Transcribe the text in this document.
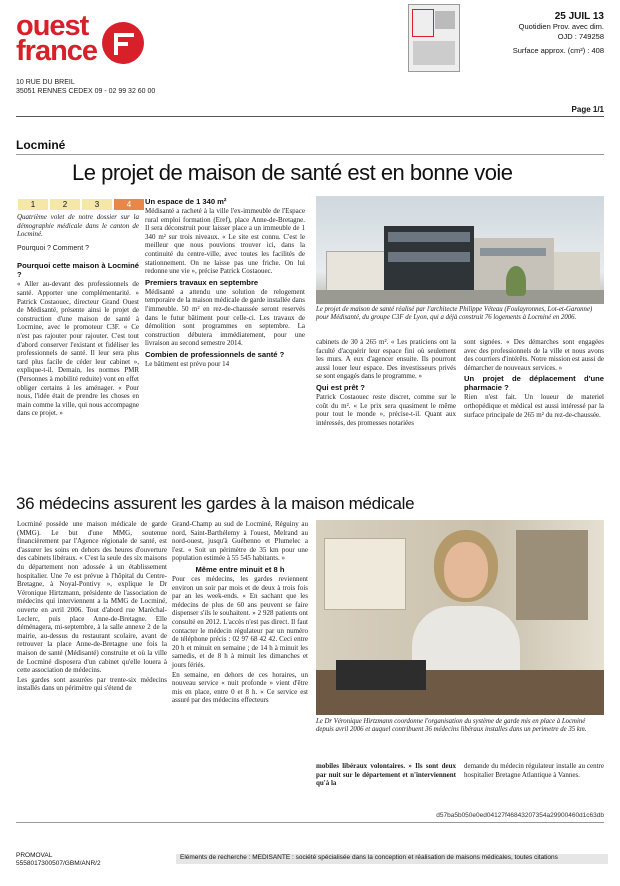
ouest
france
10 RUE DU BREIL
35051 RENNES CEDEX 09 - 02 99 32 60 00
25 JUIL 13
Quotidien Prov. avec dim.
OJD : 749258
Surface approx. (cm²) : 408
Page 1/1
Locminé
Le projet de maison de santé est en bonne voie
1	2	3	4

Quatrième volet de notre dossier sur la démographie médicale dans le canton de Locminé.

Pourquoi ? Comment ?

Pourquoi cette maison à Locminé ?

« Aller au-devant des professionnels de santé. Apporter une complémentarité. » Patrick Costaouec, directeur Grand Ouest de Médisanté, présente ainsi le projet de construction d'une maison de santé à Locmine, avec le promoteur C3F. « Ce n'est pas rajouter pour rajouter. C'est tout d'abord conserver l'existant et fidéliser les professionnels de santé. Il leur sera plus tard plus facile de céder leur cabinet », explique-t-il. Demain, les normes PMR (Personnes à mobilité reduite) vont en effet obliger certains à les aménager. « Pour nous, l'idée était de prendre les choses en main comme la ville, qui nous accompagne dans ce projet. »

Un espace de 1 340 m²

Médisanté a racheté à la ville l'ex-immeuble de l'Espace rural emploi formation (Eref), place Anne-de-Bretagne. Il sera déconstruit pour laisser place a un immeuble de 1 340 m² sur trois niveaux. « Le site est connu. C'est le meilleur que nous pouvions trouver ici, dans la continuité du centre-ville, avec toutes les facilités de stationnement. On ne laisse pas une friche. On lui redonne une vie », précise Patrick Costaouec.

Premiers travaux en septembre

Médisanté a attendu une solution de relogement temporaire de la maison médicale de garde installée dans l'immeuble. 50 m² en rez-de-chaussée seront reservés dans le futur bâtiment pour celle-ci. Les travaux de démolition sont programmes en septembre. La construction débutera immédiatement, pour une livraison au second semestre 2014.

Combien de professionnels de santé ?

Le bâtiment est prévu pour 14

Le projet de maison de santé réalisé par l'architecte Philippe Véteau (Foulayronnes, Lot-et-Garonne) pour Médisanté, du groupe C3F de Lyon, qui a déjà construit 76 logements à Locminé en 2006.

cabinets de 30 à 265 m². « Les praticiens ont la faculté d'acquérir leur espace fini où seulement les murs. A eux d'agencer ensuite. Ils pourront aussi louer leur espace. Des investisseurs privés se sont engagés dans le programme. »

Qui est prêt ?

Patrick Costaouec reste discret, comme sur le coût du m². « Le prix sera quasiment le même pour tout le monde », précise-t-il. Quant aux intéressés, des promesses notariées

sont signées. « Des démarches sont engagées avec des professionnels de la ville et nous avons des courriers d'intérêts. Notre mission est aussi de démarcher de nouveaux services. »

Un projet de déplacement d'une pharmacie ?

Rien n'est fait. Un loueur de materiel orthopédique et médical est aussi intéressé par la surface principale de 265 m² du rez-de-chaussée.

36 médecins assurent les gardes à la maison médicale

Locminé possède une maison médicale de garde (MMG). Le but d'une MMG, soutenue financièrement par l'Agence régionale de santé, est d'assurer les soins en dehors des heures d'ouverture des cabinets libéraux. « C'est la seule des six maisons du département non adossée à un établissement hospitalier. Une 7e est prévue à l'hôpital du Centre-Bretagne, à Noyal-Pontivy », explique le Dr Véronique Hirtzmann, présidente de l'association de médecins qui interviennent a la MMG de Locminé, ouverte en avril 2006. Tout d'abord rue Maréchal-Leclerc, puis place Anne-de-Bretagne. Elle déménagera, mi-septembre, à la salle annexe 2 de la mairie, au-dessus du restaurant scolaire, avant de retrouver la place Anne-de-Bretagne une fois la maison de santé (Médisanté) construite et où la ville de Locminé disposera d'un cabinet qu'elle louera à cette association de médecins.

Les gardes sont assurées par trente-six médecins installés dans un périmètre qui s'étend de

Grand-Champ au sud de Locminé, Réguiny au nord, Saint-Barthélemy à l'ouest, Melrand au nord-ouest, jusqu'à Guéhenno et Plumelec a l'est. « Soit un périmètre de 35 km pour une population estimée à 55 545 habitants. »

Même entre minuit et 8 h

Pour ces médecins, les gardes reviennent environ un soir par mois et de deux à trois fois par an les week-ends. « En sachant que les médecins de plus de 60 ans peuvent se faire dispenser s'ils le souhaitent. » 2 928 patients ont consulté en 2012. L'accès n'est pas direct. Il faut contacter le médecin régulateur par un numéro de téléphone précis : 02 97 68 42 42. Ceci entre 20 h et minuit en semaine ; de 14 h à minuit les samedis, et de 8 h à minuit les dimanches et jours fériés.

En semaine, en dehors de ces horaires, un nouveau service « nuit profonde » vient d'être mis en place, entre 0 et 8 h. « Ce service est assuré par des médecins effecteurs

Le Dr Véronique Hirtzmann coordonne l'organisation du système de garde mis en place à Locminé depuis avril 2006 et auquel contribuent 36 médecins libéraux installes dans un perimetre de 35 km.

mobiles libéraux volontaires. » Ils sont deux par nuit sur le département et n'interviennent qu'à la

demande du médecin régulateur installe au centre hospitalier Bretagne Atlantique à Vannes.

d57ba5b050e0ed04127f46843207354a29900460d1c63db
PROMOVAL
5558017300507/GBM/ANR/2
Eléments de recherche : MEDISANTE : société spécialisée dans la conception et réalisation de maisons médicales, toutes citations
